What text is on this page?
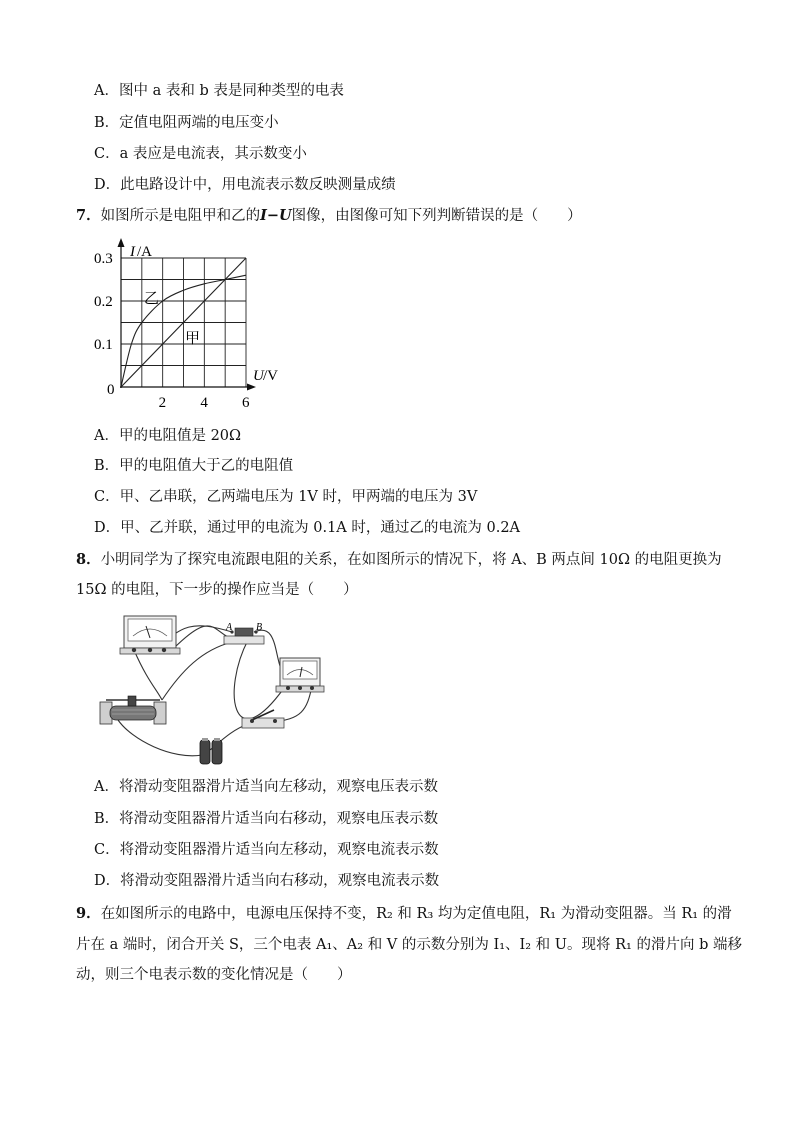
A．图中 a 表和 b 表是同种类型的电表
B．定值电阻两端的电压变小
C．a 表应是电流表，其示数变小
D．此电路设计中，用电流表示数反映测量成绩
7．如图所示是电阻甲和乙的I−U图像，由图像可知下列判断错误的是（　　）
I /A
U /V
0
0.1
0.2
0.3
2 4 6
乙
甲
A．甲的电阻值是 20Ω
B．甲的电阻值大于乙的电阻值
C．甲、乙串联，乙两端电压为 1V 时，甲两端的电压为 3V
D．甲、乙并联，通过甲的电流为 0.1A 时，通过乙的电流为 0.2A
8．小明同学为了探究电流跟电阻的关系，在如图所示的情况下，将 A、B 两点间 10Ω 的电阻更换为
15Ω 的电阻，下一步的操作应当是（　　）
A B
A．将滑动变阻器滑片适当向左移动，观察电压表示数
B．将滑动变阻器滑片适当向右移动，观察电压表示数
C．将滑动变阻器滑片适当向左移动，观察电流表示数
D．将滑动变阻器滑片适当向右移动，观察电流表示数
9．在如图所示的电路中，电源电压保持不变，R₂ 和 R₃ 均为定值电阻，R₁ 为滑动变阻器。当 R₁ 的滑
片在 a 端时，闭合开关 S，三个电表 A₁、A₂ 和 V 的示数分别为 I₁、I₂ 和 U。现将 R₁ 的滑片向 b 端移
动，则三个电表示数的变化情况是（　　）
